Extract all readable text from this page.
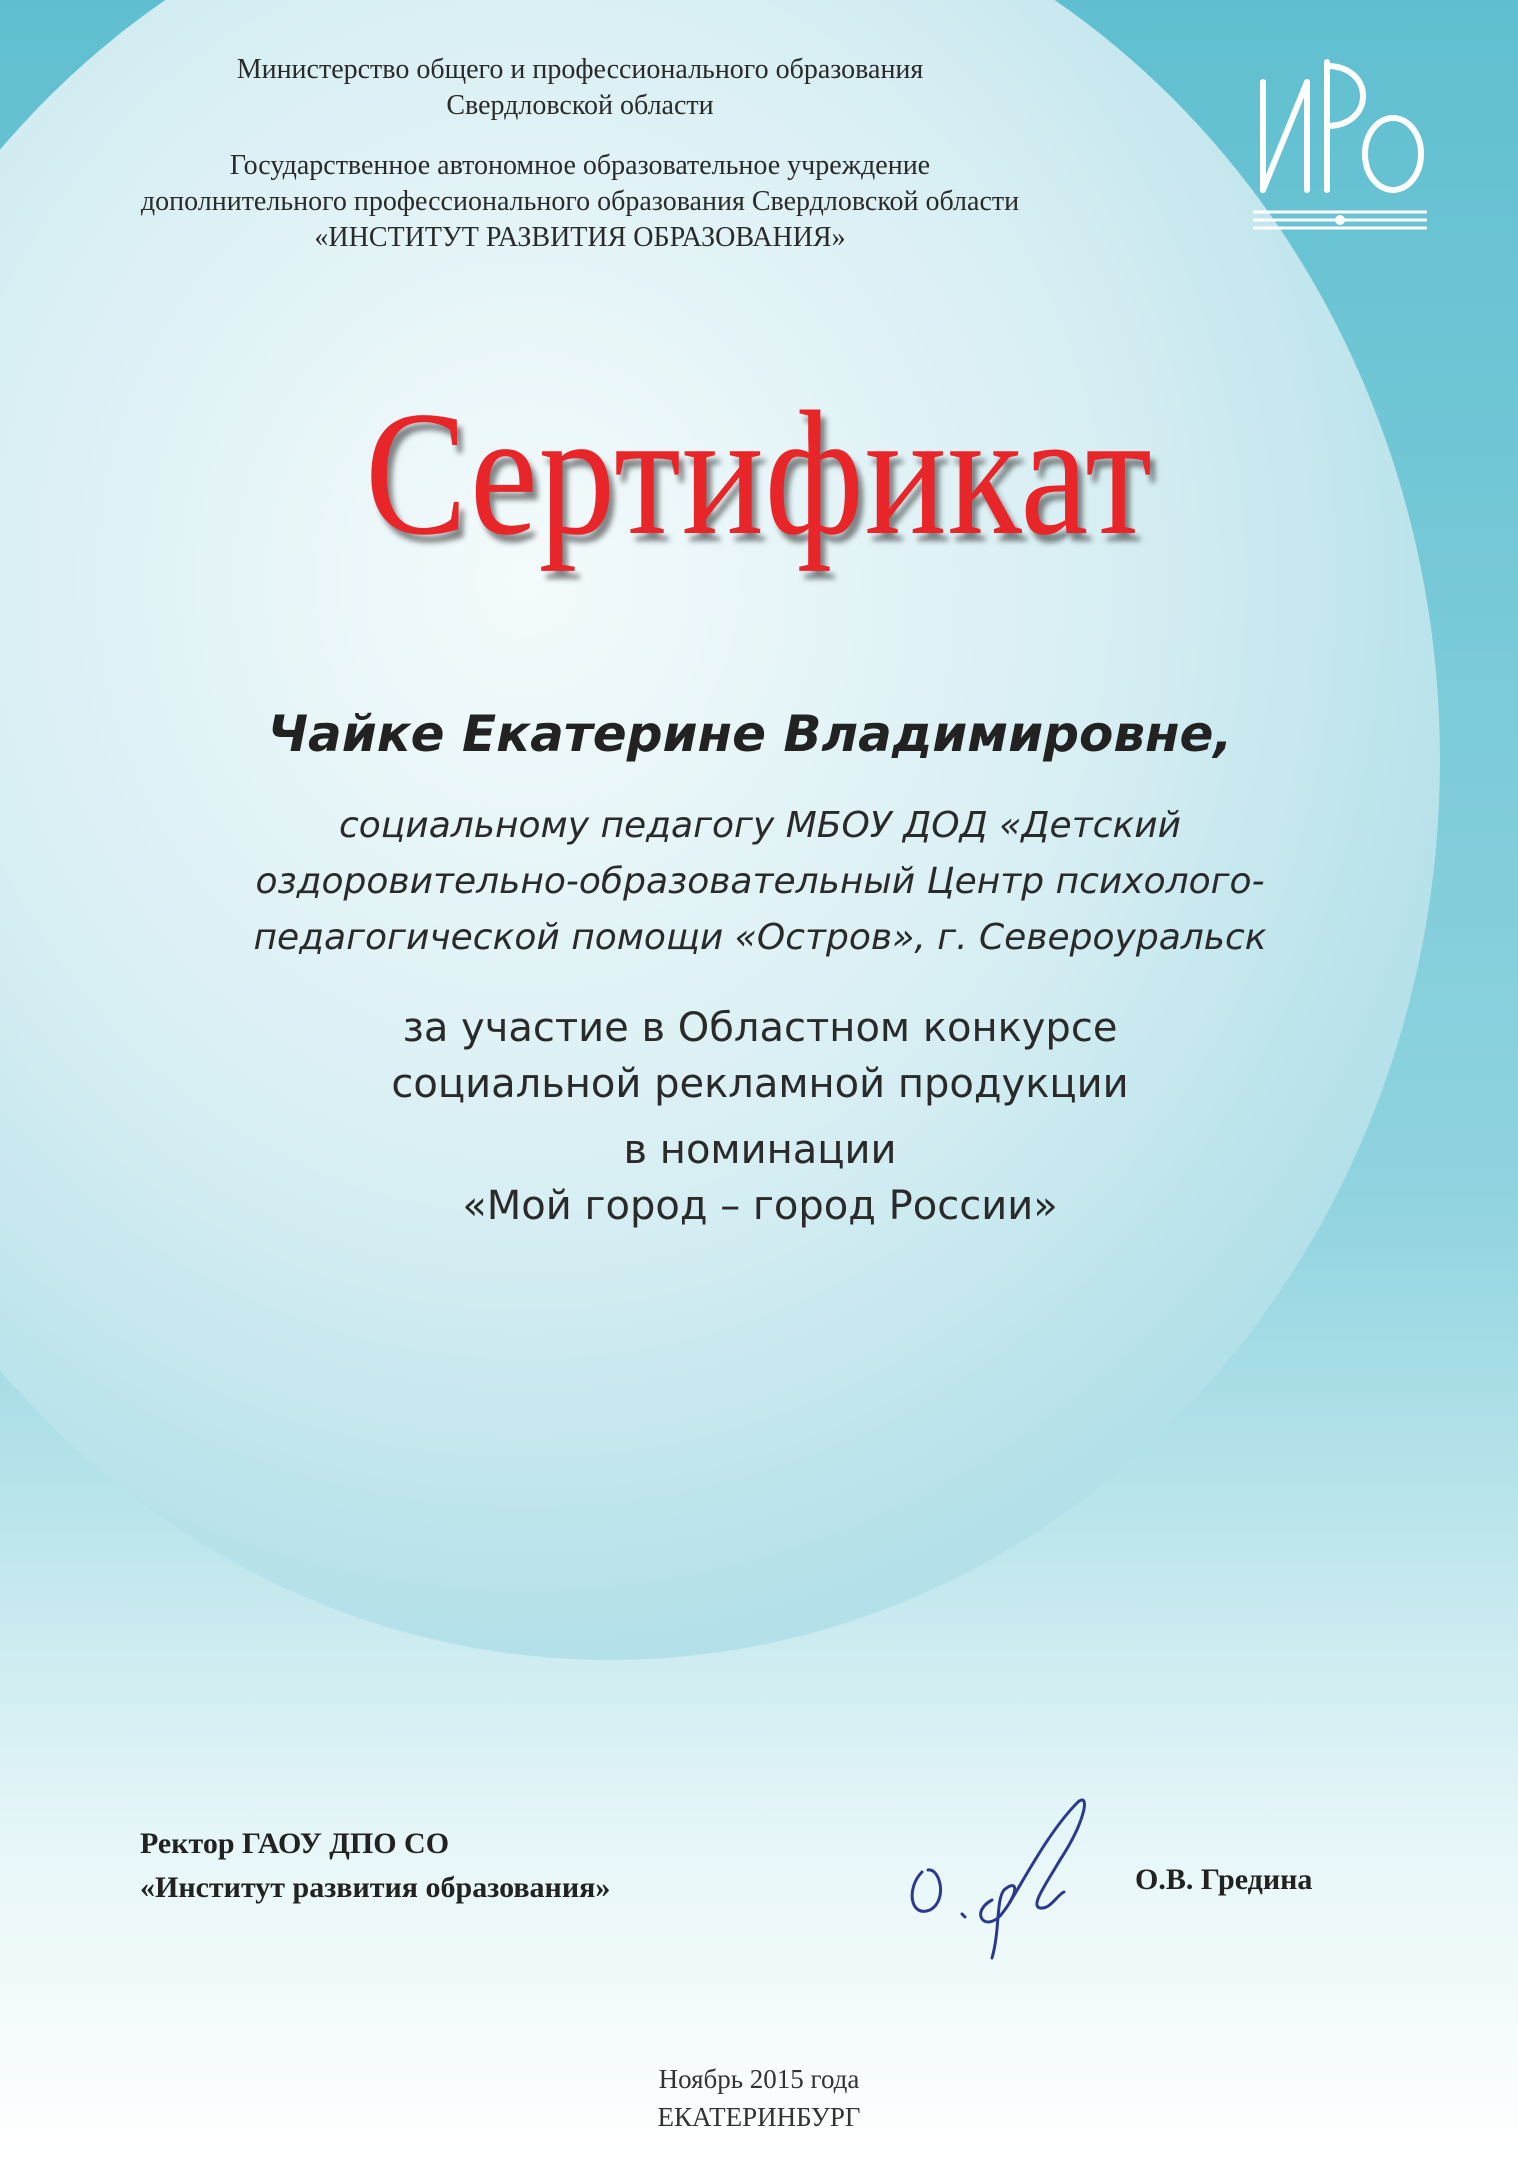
Министерство общего и профессионального образования
Свердловской области
Государственное автономное образовательное учреждение
дополнительного профессионального образования Свердловской области
«ИНСТИТУТ РАЗВИТИЯ ОБРАЗОВАНИЯ»
Сертификат
Чайке Екатерине Владимировне,
социальному педагогу МБОУ ДОД «Детский
оздоровительно-образовательный Центр психолого-
педагогической помощи «Остров», г. Североуральск
за участие в Областном конкурсе
социальной рекламной продукции
в номинации
«Мой город – город России»
Ректор ГАОУ ДПО СО
«Институт развития образования»	О.В. Гредина
Ноябрь 2015 года
ЕКАТЕРИНБУРГ
